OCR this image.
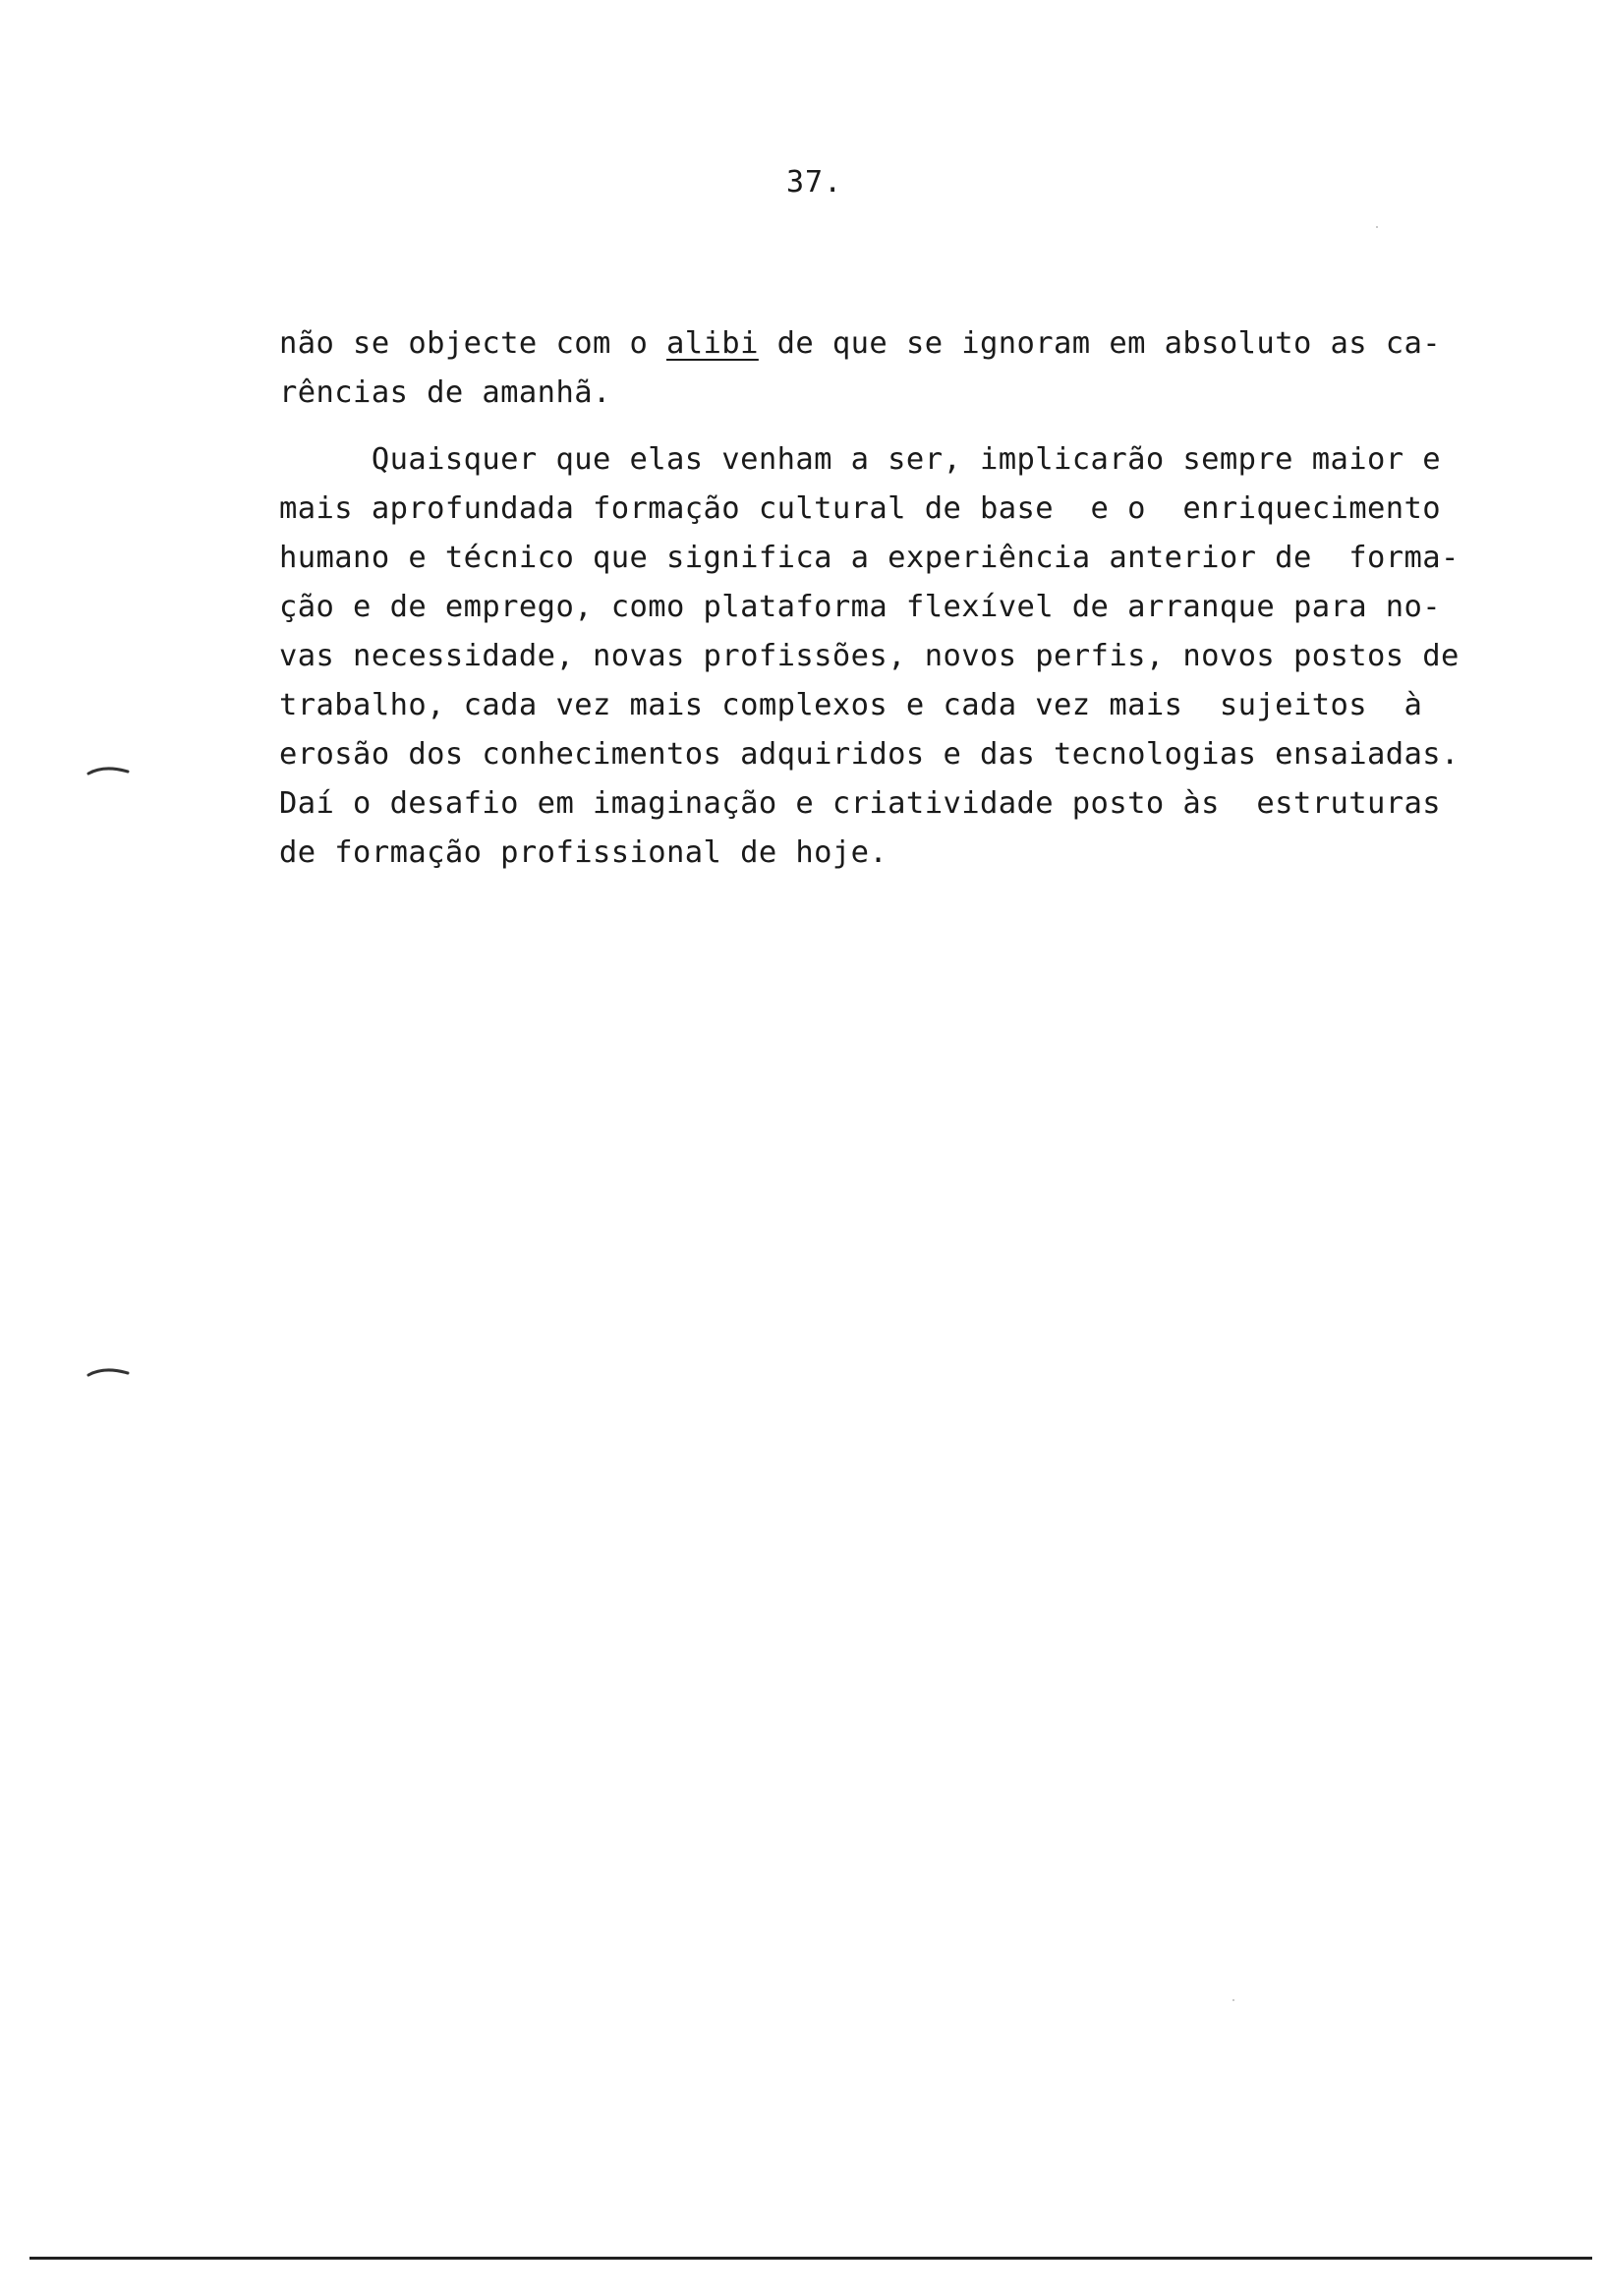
37.
não se objecte com o alibi de que se ignoram em absoluto as ca-
rências de amanhã.
Quaisquer que elas venham a ser, implicarão sempre maior e
mais aprofundada formação cultural de base  e o  enriquecimento
humano e técnico que significa a experiência anterior de  forma-
ção e de emprego, como plataforma flexível de arranque para no-
vas necessidade, novas profissões, novos perfis, novos postos de
trabalho, cada vez mais complexos e cada vez mais  sujeitos  à
erosão dos conhecimentos adquiridos e das tecnologias ensaiadas.
Daí o desafio em imaginação e criatividade posto às  estruturas
de formação profissional de hoje.
